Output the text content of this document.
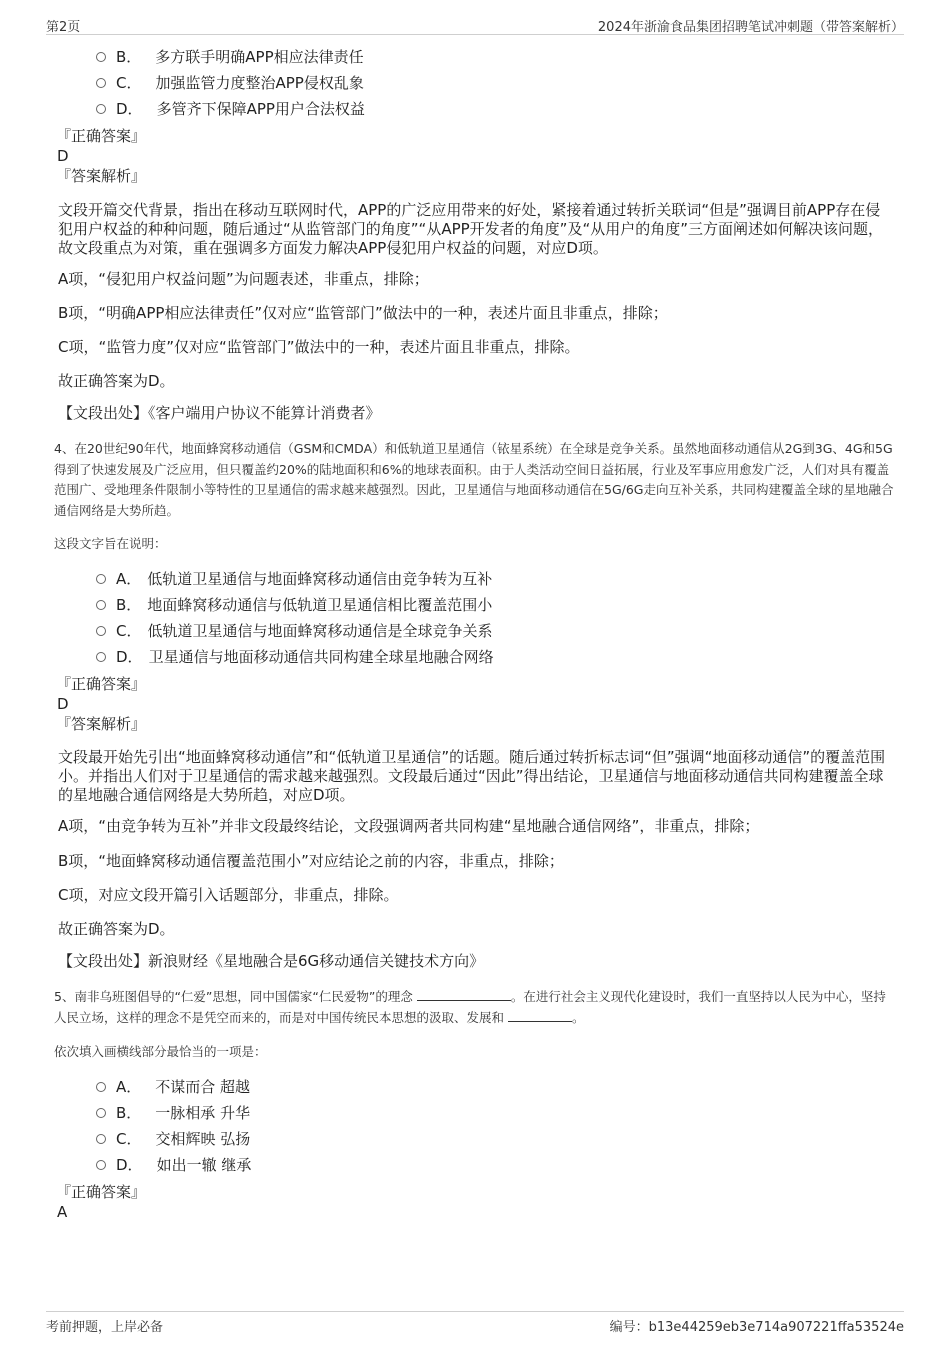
第2页	2024年浙渝食品集团招聘笔试冲刺题（带答案解析）
B． 多方联手明确APP相应法律责任
C． 加强监管力度整治APP侵权乱象
D． 多管齐下保障APP用户合法权益
『正确答案』
D
『答案解析』
文段开篇交代背景，指出在移动互联网时代，APP的广泛应用带来的好处，紧接着通过转折关联词“但是”强调目前APP存在侵犯用户权益的种种问题，随后通过“从监管部门的角度”“从APP开发者的角度”及“从用户的角度”三方面阐述如何解决该问题，故文段重点为对策，重在强调多方面发力解决APP侵犯用户权益的问题，对应D项。
A项，“侵犯用户权益问题”为问题表述，非重点，排除；
B项，“明确APP相应法律责任”仅对应“监管部门”做法中的一种，表述片面且非重点，排除；
C项，“监管力度”仅对应“监管部门”做法中的一种，表述片面且非重点，排除。
故正确答案为D。
【文段出处】《客户端用户协议不能算计消费者》
4、在20世纪90年代，地面蜂窝移动通信（GSM和CMDA）和低轨道卫星通信（铱星系统）在全球是竞争关系。虽然地面移动通信从2G到3G、4G和5G得到了快速发展及广泛应用，但只覆盖约20%的陆地面积和6%的地球表面积。由于人类活动空间日益拓展，行业及军事应用愈发广泛，人们对具有覆盖范围广、受地理条件限制小等特性的卫星通信的需求越来越强烈。因此，卫星通信与地面移动通信在5G/6G走向互补关系，共同构建覆盖全球的星地融合通信网络是大势所趋。
这段文字旨在说明：
A． 低轨道卫星通信与地面蜂窝移动通信由竞争转为互补
B． 地面蜂窝移动通信与低轨道卫星通信相比覆盖范围小
C． 低轨道卫星通信与地面蜂窝移动通信是全球竞争关系
D． 卫星通信与地面移动通信共同构建全球星地融合网络
『正确答案』
D
『答案解析』
文段最开始先引出“地面蜂窝移动通信”和“低轨道卫星通信”的话题。随后通过转折标志词“但”强调“地面移动通信”的覆盖范围小。并指出人们对于卫星通信的需求越来越强烈。文段最后通过“因此”得出结论，卫星通信与地面移动通信共同构建覆盖全球的星地融合通信网络是大势所趋，对应D项。
A项，“由竞争转为互补”并非文段最终结论，文段强调两者共同构建“星地融合通信网络”，非重点，排除；
B项，“地面蜂窝移动通信覆盖范围小”对应结论之前的内容，非重点，排除；
C项，对应文段开篇引入话题部分，非重点，排除。
故正确答案为D。
【文段出处】新浪财经《星地融合是6G移动通信关键技术方向》
5、南非乌班图倡导的“仁爱”思想，同中国儒家“仁民爱物”的理念	。在进行社会主义现代化建设时，我们一直坚持以人民为中心，坚持人民立场，这样的理念不是凭空而来的，而是对中国传统民本思想的汲取、发展和	。
依次填入画横线部分最恰当的一项是：
A． 不谋而合 超越
B． 一脉相承 升华
C． 交相辉映 弘扬
D． 如出一辙 继承
『正确答案』
A
考前押题，上岸必备	编号：b13e44259eb3e714a907221ffa53524e
